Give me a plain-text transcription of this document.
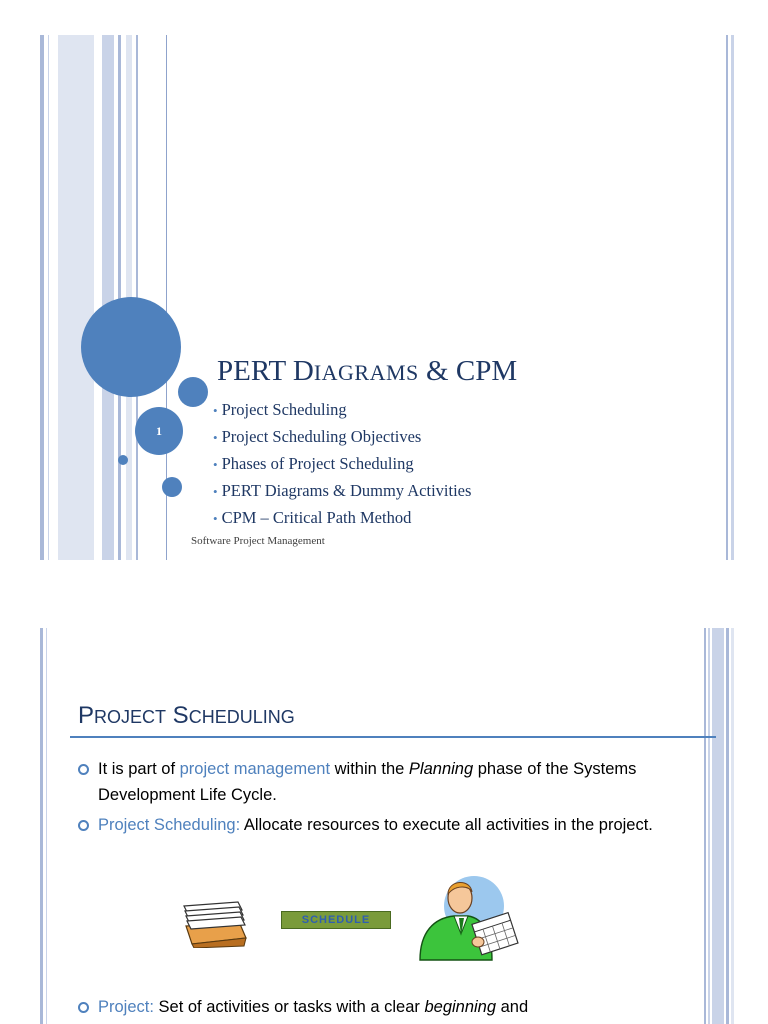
1
PERT DIAGRAMS & CPM
• Project Scheduling
• Project Scheduling Objectives
• Phases of Project Scheduling
• PERT Diagrams & Dummy Activities
• CPM – Critical Path Method
Software Project Management
PROJECT SCHEDULING
It is part of project management within the Planning phase of the Systems Development Life Cycle.
Project Scheduling: Allocate resources to execute all activities in the project.
SCHEDULE
Project: Set of activities or tasks with a clear beginning and
